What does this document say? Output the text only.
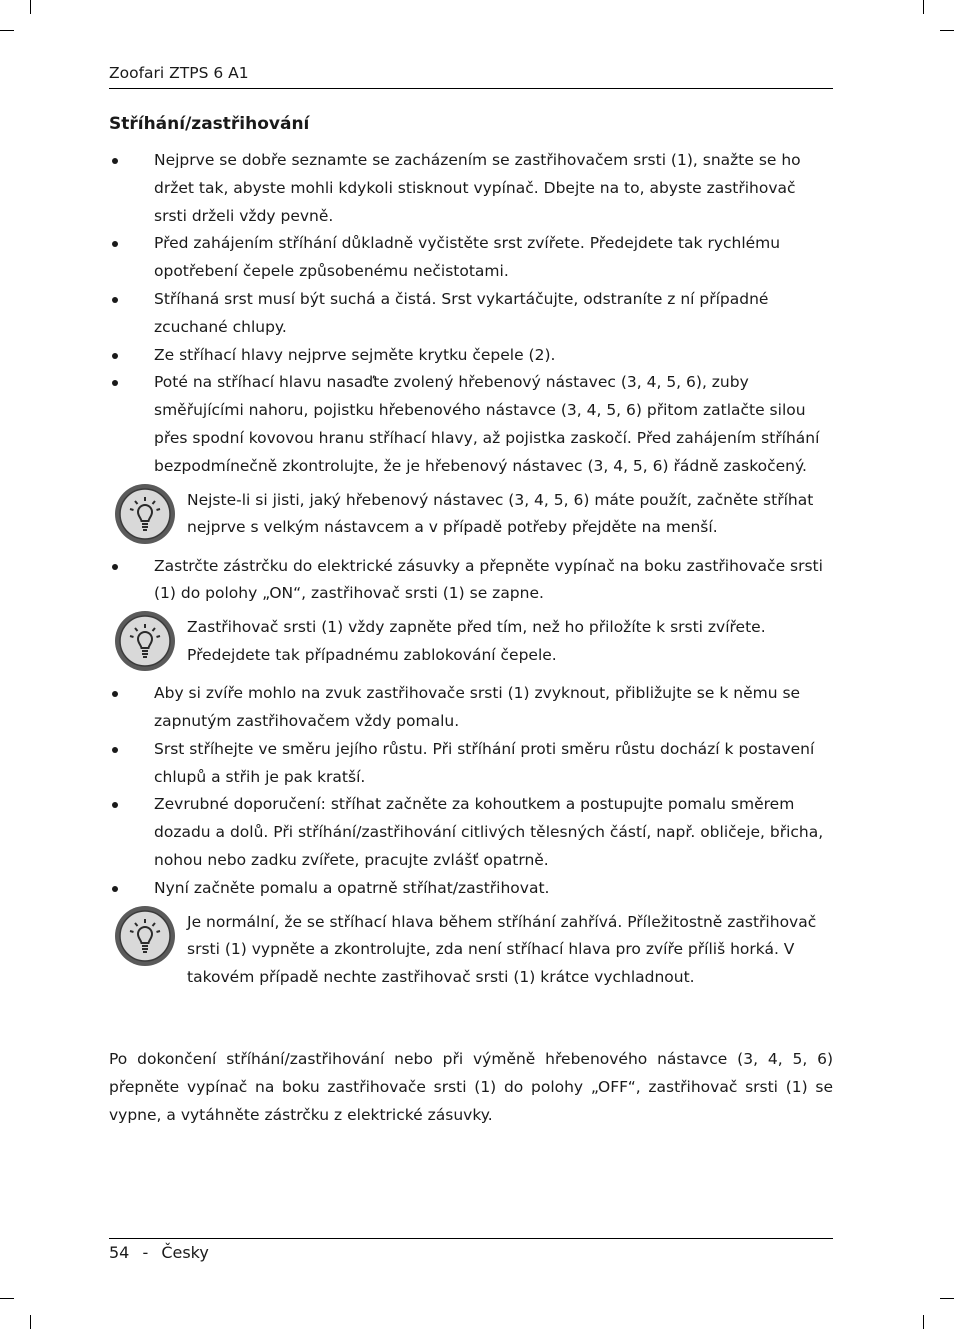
Zoofari ZTPS 6 A1
Stříhání/zastřihování
Nejprve se dobře seznamte se zacházením se zastřihovačem srsti (1), snažte se ho držet tak, abyste mohli kdykoli stisknout vypínač. Dbejte na to, abyste zastřihovač srsti drželi vždy pevně.
Před zahájením stříhání důkladně vyčistěte srst zvířete. Předejdete tak rychlému opotřebení čepele způsobenému nečistotami.
Stříhaná srst musí být suchá a čistá. Srst vykartáčujte, odstraníte z ní případné zcuchané chlupy.
Ze stříhací hlavy nejprve sejměte krytku čepele (2).
Poté na stříhací hlavu nasaďte zvolený hřebenový nástavec (3, 4, 5, 6), zuby směřujícími nahoru, pojistku hřebenového nástavce (3, 4, 5, 6) přitom zatlačte silou přes spodní kovovou hranu stříhací hlavy, až pojistka zaskočí. Před zahájením stříhání bezpodmínečně zkontrolujte, že je hřebenový nástavec (3, 4, 5, 6) řádně zaskočený.
Nejste-li si jisti, jaký hřebenový nástavec (3, 4, 5, 6) máte použít, začněte stříhat nejprve s velkým nástavcem a v případě potřeby přejděte na menší.
Zastrčte zástrčku do elektrické zásuvky a přepněte vypínač na boku zastřihovače srsti (1) do polohy „ON“, zastřihovač srsti (1) se zapne.
Zastřihovač srsti (1) vždy zapněte před tím, než ho přiložíte k srsti zvířete. Předejdete tak případnému zablokování čepele.
Aby si zvíře mohlo na zvuk zastřihovače srsti (1) zvyknout, přibližujte se k němu se zapnutým zastřihovačem vždy pomalu.
Srst stříhejte ve směru jejího růstu. Při stříhání proti směru růstu dochází k postavení chlupů a střih je pak kratší.
Zevrubné doporučení: stříhat začněte za kohoutkem a postupujte pomalu směrem dozadu a dolů. Při stříhání/zastřihování citlivých tělesných částí, např. obličeje, břicha, nohou nebo zadku zvířete, pracujte zvlášť opatrně.
Nyní začněte pomalu a opatrně stříhat/zastřihovat.
Je normální, že se stříhací hlava během stříhání zahřívá. Příležitostně zastřihovač srsti (1) vypněte a zkontrolujte, zda není stříhací hlava pro zvíře příliš horká. V takovém případě nechte zastřihovač srsti (1) krátce vychladnout.
Po dokončení stříhání/zastřihování nebo při výměně hřebenového nástavce (3, 4, 5, 6) přepněte vypínač na boku zastřihovače srsti (1) do polohy „OFF“, zastřihovač srsti (1) se vypne, a vytáhněte zástrčku z elektrické zásuvky.
54 - Česky
